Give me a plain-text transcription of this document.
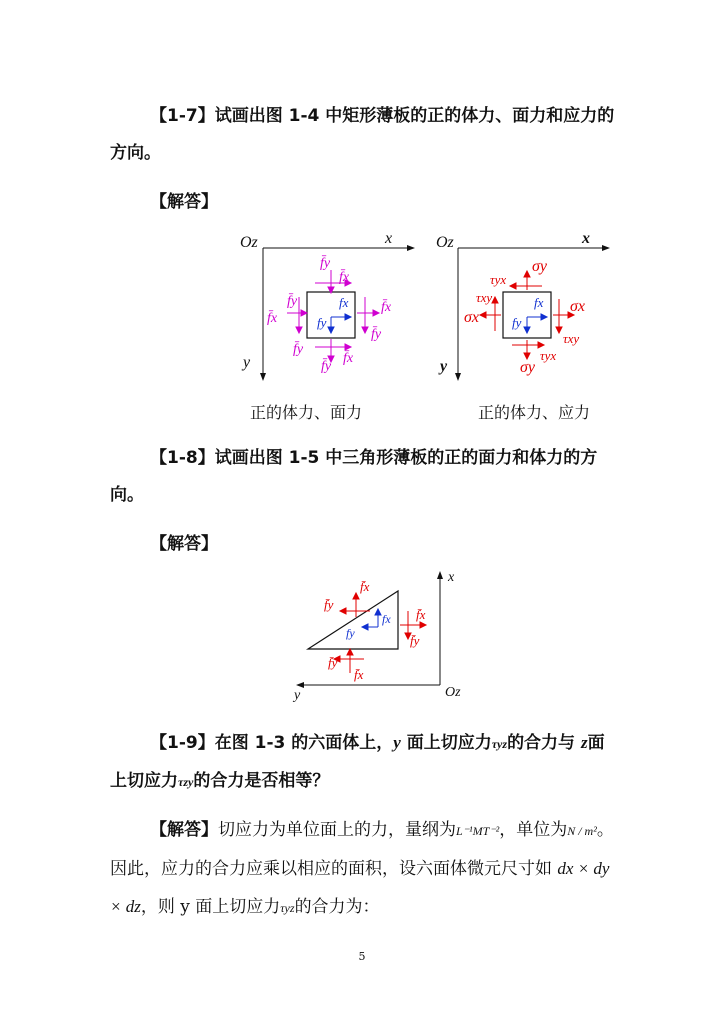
【1-7】试画出图 1-4 中矩形薄板的正的体力、面力和应力的方向。
【解答】
Oz	x
y
f̄y
f̄x
f̄x
f̄y	f̄x
f̄y
f̄y
f̄y
f̄x
fx
fy
正的体力、面力
Oz	x
y
σy
τyx
σx
τxy
σx
τxy
σy
τyx
fx
fy
正的体力、应力
【1-8】试画出图 1-5 中三角形薄板的正的面力和体力的方向。
【解答】
x
y	Oz
f̄x
f̄y
f̄x
f̄y
f̄y
f̄x
fx
fy
【1-9】在图 1-3 的六面体上，y 面上切应力τyz的合力与 z面上切应力τzy的合力是否相等？
【解答】切应力为单位面上的力，量纲为L⁻¹MT⁻²，单位为N / m²。因此，应力的合力应乘以相应的面积，设六面体微元尺寸如 dx × dy × dz，则 y 面上切应力τyz的合力为：
5
